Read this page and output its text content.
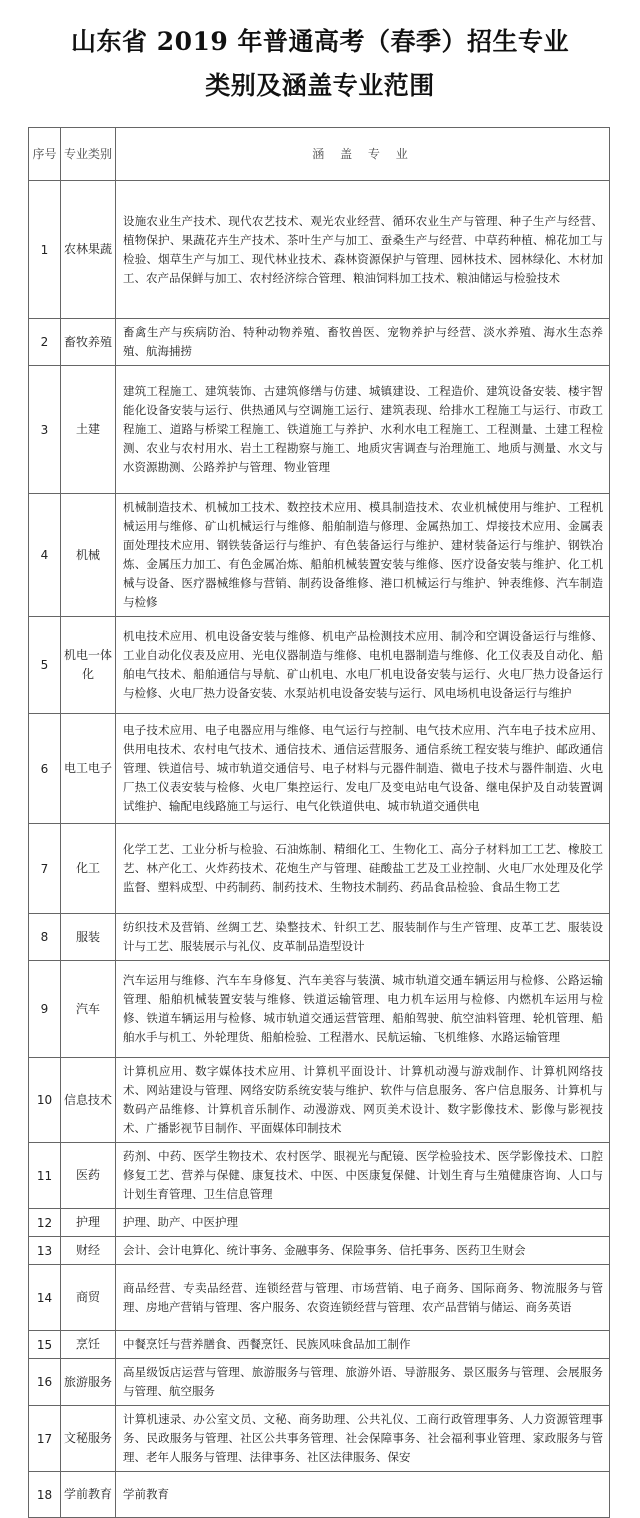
山东省 2019 年普通高考（春季）招生专业
类别及涵盖专业范围
序号	专业类别	涵 盖 专 业
1	农林果蔬	设施农业生产技术、现代农艺技术、观光农业经营、循环农业生产与管理、种子生产与经营、植物保护、果蔬花卉生产技术、茶叶生产与加工、蚕桑生产与经营、中草药种植、棉花加工与检验、烟草生产与加工、现代林业技术、森林资源保护与管理、园林技术、园林绿化、木材加工、农产品保鲜与加工、农村经济综合管理、粮油饲料加工技术、粮油储运与检验技术
2	畜牧养殖	畜禽生产与疾病防治、特种动物养殖、畜牧兽医、宠物养护与经营、淡水养殖、海水生态养殖、航海捕捞
3	土建	建筑工程施工、建筑装饰、古建筑修缮与仿建、城镇建设、工程造价、建筑设备安装、楼宇智能化设备安装与运行、供热通风与空调施工运行、建筑表现、给排水工程施工与运行、市政工程施工、道路与桥梁工程施工、铁道施工与养护、水利水电工程施工、工程测量、土建工程检测、农业与农村用水、岩土工程勘察与施工、地质灾害调查与治理施工、地质与测量、水文与水资源勘测、公路养护与管理、物业管理
4	机械	机械制造技术、机械加工技术、数控技术应用、模具制造技术、农业机械使用与维护、工程机械运用与维修、矿山机械运行与维修、船舶制造与修理、金属热加工、焊接技术应用、金属表面处理技术应用、钢铁装备运行与维护、有色装备运行与维护、建材装备运行与维护、钢铁冶炼、金属压力加工、有色金属冶炼、船舶机械装置安装与维修、医疗设备安装与维护、化工机械与设备、医疗器械维修与营销、制药设备维修、港口机械运行与维护、钟表维修、汽车制造与检修
5	机电一体化	机电技术应用、机电设备安装与维修、机电产品检测技术应用、制冷和空调设备运行与维修、工业自动化仪表及应用、光电仪器制造与维修、电机电器制造与维修、化工仪表及自动化、船舶电气技术、船舶通信与导航、矿山机电、水电厂机电设备安装与运行、火电厂热力设备运行与检修、火电厂热力设备安装、水泵站机电设备安装与运行、风电场机电设备运行与维护
6	电工电子	电子技术应用、电子电器应用与维修、电气运行与控制、电气技术应用、汽车电子技术应用、供用电技术、农村电气技术、通信技术、通信运营服务、通信系统工程安装与维护、邮政通信管理、铁道信号、城市轨道交通信号、电子材料与元器件制造、微电子技术与器件制造、火电厂热工仪表安装与检修、火电厂集控运行、发电厂及变电站电气设备、继电保护及自动装置调试维护、输配电线路施工与运行、电气化铁道供电、城市轨道交通供电
7	化工	化学工艺、工业分析与检验、石油炼制、精细化工、生物化工、高分子材料加工工艺、橡胶工艺、林产化工、火炸药技术、花炮生产与管理、硅酸盐工艺及工业控制、火电厂水处理及化学监督、塑料成型、中药制药、制药技术、生物技术制药、药品食品检验、食品生物工艺
8	服装	纺织技术及营销、丝绸工艺、染整技术、针织工艺、服装制作与生产管理、皮革工艺、服装设计与工艺、服装展示与礼仪、皮革制品造型设计
9	汽车	汽车运用与维修、汽车车身修复、汽车美容与装潢、城市轨道交通车辆运用与检修、公路运输管理、船舶机械装置安装与维修、铁道运输管理、电力机车运用与检修、内燃机车运用与检修、铁道车辆运用与检修、城市轨道交通运营管理、船舶驾驶、航空油料管理、轮机管理、船舶水手与机工、外轮理货、船舶检验、工程潜水、民航运输、飞机维修、水路运输管理
10	信息技术	计算机应用、数字媒体技术应用、计算机平面设计、计算机动漫与游戏制作、计算机网络技术、网站建设与管理、网络安防系统安装与维护、软件与信息服务、客户信息服务、计算机与数码产品维修、计算机音乐制作、动漫游戏、网页美术设计、数字影像技术、影像与影视技术、广播影视节目制作、平面媒体印制技术
11	医药	药剂、中药、医学生物技术、农村医学、眼视光与配镜、医学检验技术、医学影像技术、口腔修复工艺、营养与保健、康复技术、中医、中医康复保健、计划生育与生殖健康咨询、人口与计划生育管理、卫生信息管理
12	护理	护理、助产、中医护理
13	财经	会计、会计电算化、统计事务、金融事务、保险事务、信托事务、医药卫生财会
14	商贸	商品经营、专卖品经营、连锁经营与管理、市场营销、电子商务、国际商务、物流服务与管理、房地产营销与管理、客户服务、农资连锁经营与管理、农产品营销与储运、商务英语
15	烹饪	中餐烹饪与营养膳食、西餐烹饪、民族风味食品加工制作
16	旅游服务	高星级饭店运营与管理、旅游服务与管理、旅游外语、导游服务、景区服务与管理、会展服务与管理、航空服务
17	文秘服务	计算机速录、办公室文员、文秘、商务助理、公共礼仪、工商行政管理事务、人力资源管理事务、民政服务与管理、社区公共事务管理、社会保障事务、社会福利事业管理、家政服务与管理、老年人服务与管理、法律事务、社区法律服务、保安
18	学前教育	学前教育
